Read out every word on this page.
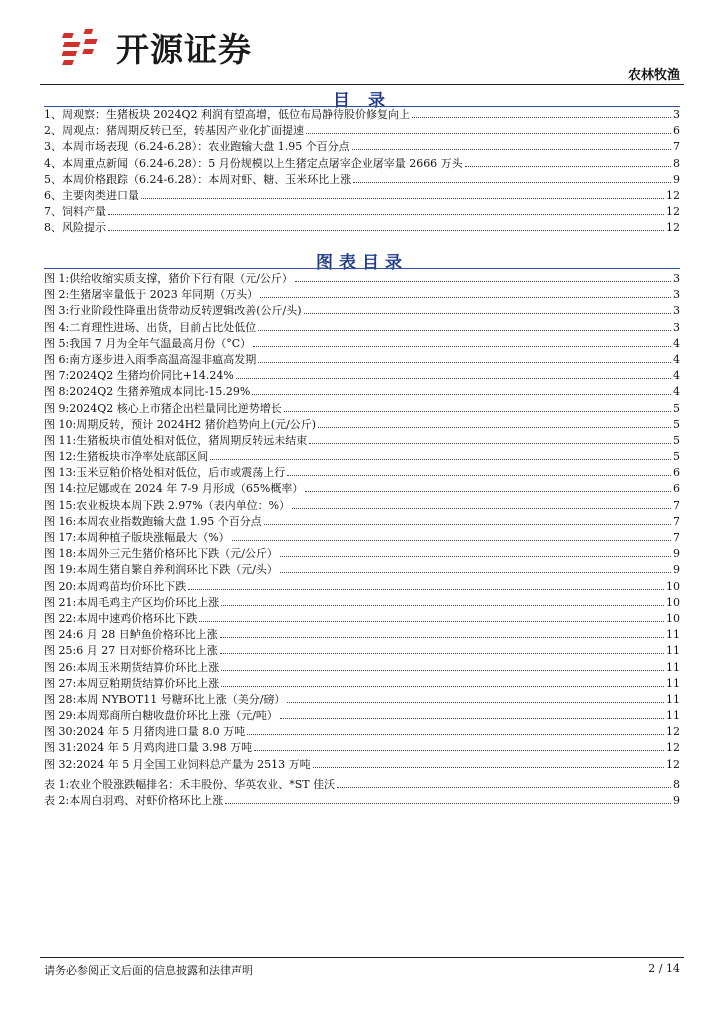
开源证券
农林牧渔
目 录
1、 周观察：生猪板块 2024Q2 利润有望高增，低位布局静待股价修复向上	3
2、 周观点：猪周期反转已至，转基因产业化扩面提速	6
3、 本周市场表现（6.24-6.28）：农业跑输大盘 1.95 个百分点	7
4、 本周重点新闻（6.24-6.28）：5 月份规模以上生猪定点屠宰企业屠宰量 2666 万头	8
5、 本周价格跟踪（6.24-6.28）：本周对虾、糖、玉米环比上涨	9
6、 主要肉类进口量	12
7、 饲料产量	12
8、 风险提示	12
图表目录
图 1: 供给收缩实质支撑，猪价下行有限（元/公斤）	3
图 2: 生猪屠宰量低于 2023 年同期（万头）	3
图 3: 行业阶段性降重出货带动反转逻辑改善(公斤/头)	3
图 4: 二育理性进场、出货，目前占比处低位	3
图 5: 我国 7 月为全年气温最高月份（°C）	4
图 6: 南方逐步进入雨季高温高湿非瘟高发期	4
图 7: 2024Q2 生猪均价同比+14.24%	4
图 8: 2024Q2 生猪养殖成本同比-15.29%	4
图 9: 2024Q2 核心上市猪企出栏量同比逆势增长	5
图 10: 周期反转，预计 2024H2 猪价趋势向上(元/公斤)	5
图 11: 生猪板块市值处相对低位，猪周期反转远未结束	5
图 12: 生猪板块市净率处底部区间	5
图 13: 玉米豆粕价格处相对低位，后市或震荡上行	6
图 14: 拉尼娜或在 2024 年 7-9 月形成（65%概率）	6
图 15: 农业板块本周下跌 2.97%（表内单位：%）	7
图 16: 本周农业指数跑输大盘 1.95 个百分点	7
图 17: 本周种植子版块涨幅最大（%）	7
图 18: 本周外三元生猪价格环比下跌（元/公斤）	9
图 19: 本周生猪自繁自养利润环比下跌（元/头）	9
图 20: 本周鸡苗均价环比下跌	10
图 21: 本周毛鸡主产区均价环比上涨	10
图 22: 本周中速鸡价格环比下跌	10
图 24: 6 月 28 日鲈鱼价格环比上涨	11
图 25: 6 月 27 日对虾价格环比上涨	11
图 26: 本周玉米期货结算价环比上涨	11
图 27: 本周豆粕期货结算价环比上涨	11
图 28: 本周 NYBOT11 号糖环比上涨（美分/磅）	11
图 29: 本周郑商所白糖收盘价环比上涨（元/吨）	11
图 30: 2024 年 5 月猪肉进口量 8.0 万吨	12
图 31: 2024 年 5 月鸡肉进口量 3.98 万吨	12
图 32: 2024 年 5 月全国工业饲料总产量为 2513 万吨	12
表 1: 农业个股涨跌幅排名：禾丰股份、华英农业、*ST 佳沃	8
表 2: 本周白羽鸡、对虾价格环比上涨	9
请务必参阅正文后面的信息披露和法律声明	2 / 14
